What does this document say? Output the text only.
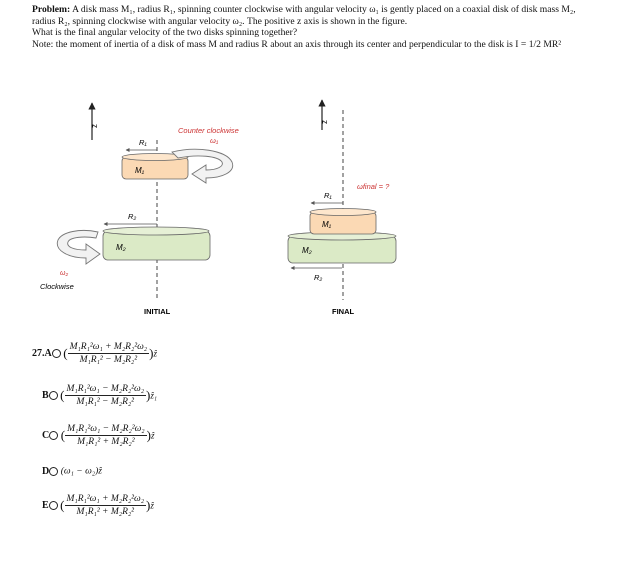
Problem: A disk mass M₁, radius R₁, spinning counter clockwise with angular velocity ω₁ is gently placed on a coaxial disk of disk mass M₂, radius R₂, spinning clockwise with angular velocity ω₂. The positive z axis is shown in the figure.

What is the final angular velocity of the two disks spinning together?

Note: the moment of inertia of a disk of mass M and radius R about an axis through its center and perpendicular to the disk is I = 1/2 MR²

z
M₁
R₁
Counter clockwise
ω₁
M₂
R₂
ω₂
Clockwise
INITIAL
z
M₂
R₂
M₁
R₁
ωfinal = ?
FINAL
27.A ( $\frac{\text{M₁R₁²ω₁ + M₂R₂²ω₂}}{\text{M₁R₁² − M₂R₂²}}$ )ẑ
B ( $\frac{\text{M₁R₁²ω₁ − M₂R₂²ω₂}}{\text{M₁R₁² − M₂R₂²}}$ )ẑ₁
C ( $\frac{\text{M₁R₁²ω₁ − M₂R₂²ω₂}}{\text{M₁R₁² + M₂R₂²}}$ )ẑ
D (ω₁ − ω₂)ẑ
E ( $\frac{\text{M₁R₁²ω₁ + M₂R₂²ω₂}}{\text{M₁R₁² + M₂R₂²}}$ )ẑ
